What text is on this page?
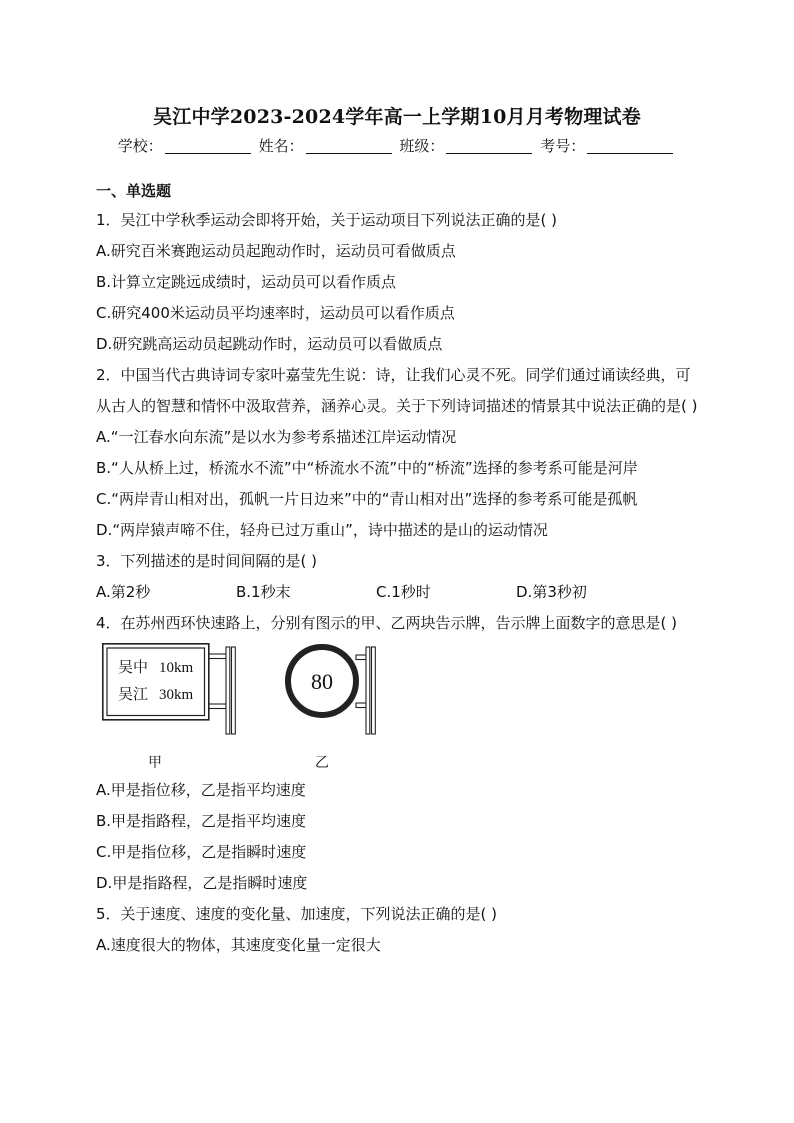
吴江中学2023-2024学年高一上学期10月月考物理试卷
学校：	姓名：	班级：	考号：
一、单选题
1．吴江中学秋季运动会即将开始，关于运动项目下列说法正确的是( )
A.研究百米赛跑运动员起跑动作时，运动员可看做质点
B.计算立定跳远成绩时，运动员可以看作质点
C.研究400米运动员平均速率时，运动员可以看作质点
D.研究跳高运动员起跳动作时，运动员可以看做质点
2．中国当代古典诗词专家叶嘉莹先生说：诗，让我们心灵不死。同学们通过诵读经典，可从古人的智慧和情怀中汲取营养，涵养心灵。关于下列诗词描述的情景其中说法正确的是( )
A.“一江春水向东流”是以水为参考系描述江岸运动情况
B.“人从桥上过，桥流水不流”中“桥流水不流”中的“桥流”选择的参考系可能是河岸
C.“两岸青山相对出，孤帆一片日边来”中的“青山相对出”选择的参考系可能是孤帆
D.“两岸猿声啼不住，轻舟已过万重山”，诗中描述的是山的运动情况
3．下列描述的是时间间隔的是( )
A.第2秒	B.1秒末	C.1秒时	D.第3秒初
4．在苏州西环快速路上，分别有图示的甲、乙两块告示牌，告示牌上面数字的意思是( )
吴中 10km
吴江 30km
80
甲	乙
A.甲是指位移，乙是指平均速度
B.甲是指路程，乙是指平均速度
C.甲是指位移，乙是指瞬时速度
D.甲是指路程，乙是指瞬时速度
5．关于速度、速度的变化量、加速度，下列说法正确的是( )
A.速度很大的物体，其速度变化量一定很大
